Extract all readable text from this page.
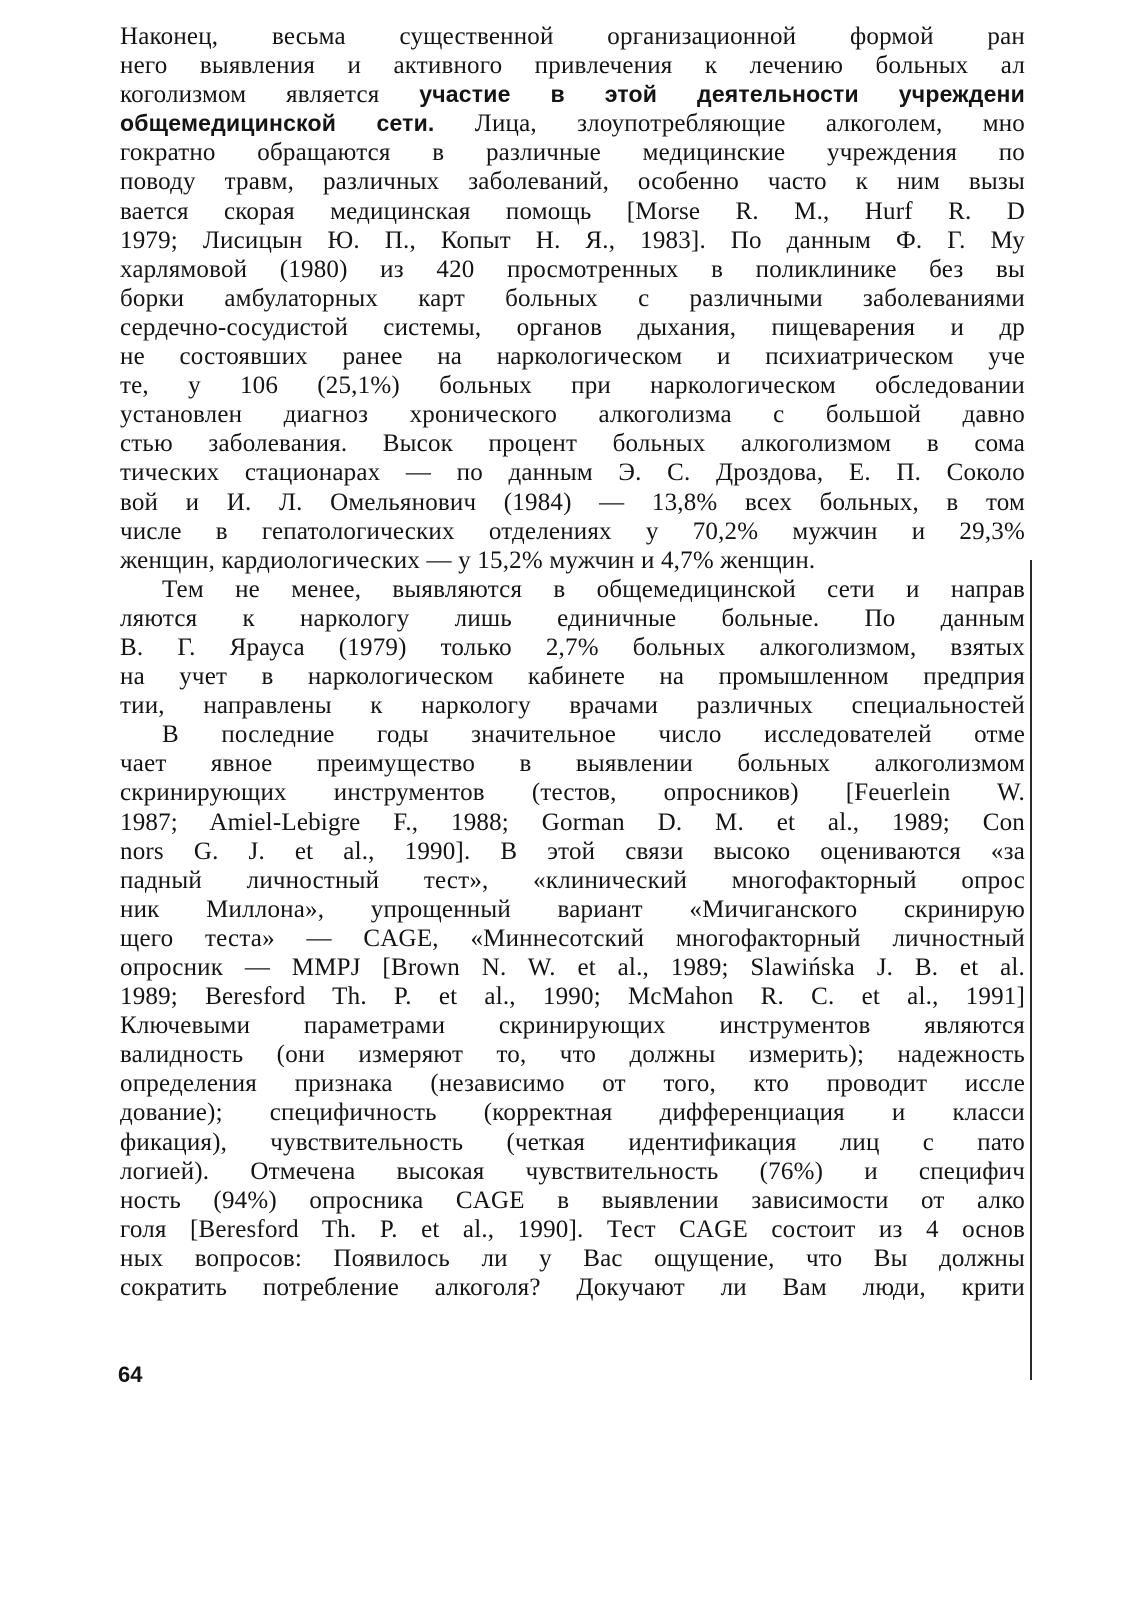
Наконец, весьма существенной организационной формой ран
него выявления и активного привлечения к лечению больных ал
коголизмом является участие в этой деятельности учреждени
общемедицинской сети. Лица, злоупотребляющие алкоголем, мно
гократно обращаются в различные медицинские учреждения по
поводу травм, различных заболеваний, особенно часто к ним вызы
вается скорая медицинская помощь [Morse R. M., Hurf R. D
1979; Лисицын Ю. П., Копыт Н. Я., 1983]. По данным Ф. Г. Му
харлямовой (1980) из 420 просмотренных в поликлинике без вы
борки амбулаторных карт больных с различными заболеваниями
сердечно-сосудистой системы, органов дыхания, пищеварения и др
не состоявших ранее на наркологическом и психиатрическом уче
те, у 106 (25,1%) больных при наркологическом обследовании
установлен диагноз хронического алкоголизма с большой давно
стью заболевания. Высок процент больных алкоголизмом в сома
тических стационарах — по данным Э. С. Дроздова, Е. П. Соколо
вой и И. Л. Омельянович (1984) — 13,8% всех больных, в том
числе в гепатологических отделениях у 70,2% мужчин и 29,3%
женщин, кардиологических — у 15,2% мужчин и 4,7% женщин.
Тем не менее, выявляются в общемедицинской сети и направ
ляются к наркологу лишь единичные больные. По данным
В. Г. Ярауса (1979) только 2,7% больных алкоголизмом, взятых
на учет в наркологическом кабинете на промышленном предприя
тии, направлены к наркологу врачами различных специальностей
В последние годы значительное число исследователей отме
чает явное преимущество в выявлении больных алкоголизмом
скринирующих инструментов (тестов, опросников) [Feuerlein W.
1987; Amiel-Lebigre F., 1988; Gorman D. M. et al., 1989; Con
nors G. J. et al., 1990]. В этой связи высоко оцениваются «за
падный личностный тест», «клинический многофакторный опрос
ник Миллона», упрощенный вариант «Мичиганского скринирую
щего теста» — CAGE, «Миннесотский многофакторный личностный
опросник — MMPJ [Brown N. W. et al., 1989; Slawińska J. B. et al.
1989; Beresford Th. P. et al., 1990; McMahon R. C. et al., 1991]
Ключевыми параметрами скринирующих инструментов являются
валидность (они измеряют то, что должны измерить); надежность
определения признака (независимо от того, кто проводит иссле
дование); специфичность (корректная дифференциация и класси
фикация), чувствительность (четкая идентификация лиц с пато
логией). Отмечена высокая чувствительность (76%) и специфич
ность (94%) опросника CAGE в выявлении зависимости от алко
голя [Beresford Th. P. et al., 1990]. Тест CAGE состоит из 4 основ
ных вопросов: Появилось ли у Вас ощущение, что Вы должны
сократить потребление алкоголя? Докучают ли Вам люди, крити
64
